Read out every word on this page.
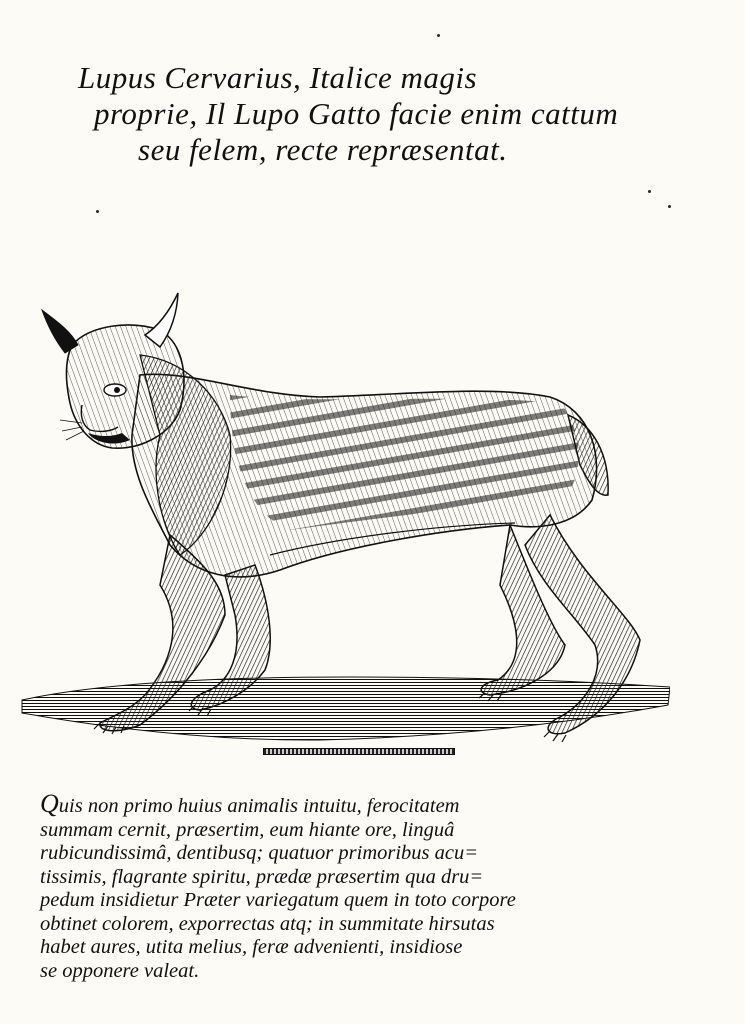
Lupus Cervarius, Italice magis
proprie, Il Lupo Gatto facie enim cattum
seu felem, recte repræsentat.
Quis non primo huius animalis intuitu, ferocitatem
summam cernit, præsertim, eum hiante ore, linguâ
rubicundissimâ, dentibusq; quatuor primoribus acu=
tissimis, flagrante spiritu, prædæ præsertim qua dru=
pedum insidietur Præter variegatum quem in toto corpore
obtinet colorem, exporrectas atq; in summitate hirsutas
habet aures, utita melius, feræ advenienti, insidiose
se opponere valeat.
